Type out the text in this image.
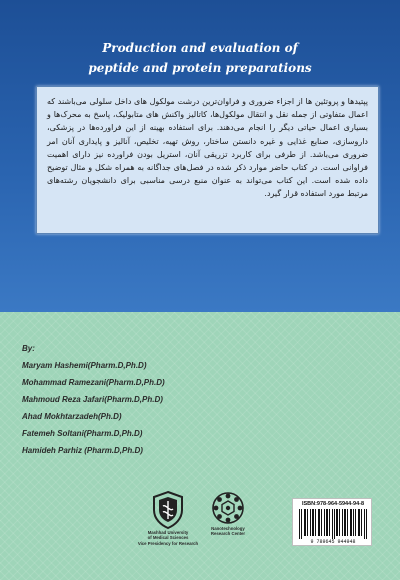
Production and evaluation of
peptide and protein preparations

پپتیدها و پروتئین ها از اجزاء ضروری و فراوان‌ترین درشت مولکول های داخل سلولی می‌باشند که اعمال متفاوتی از جمله نقل و انتقال مولکول‌ها، کاتالیز واکنش های متابولیک، پاسخ به محرک‌ها و بسیاری اعمال حیاتی دیگر را انجام می‌دهند. برای استفاده بهینه از این فراورده‌ها در پزشکی، داروسازی، صنایع غذایی و غیره دانستن ساختار، روش تهیه، تخلیص، آنالیز و پایداری آنان امر ضروری می‌باشد. از طرفی برای کاربرد تزریقی آنان، استریل بودن فراورده نیز دارای اهمیت فراوانی است. در کتاب حاضر موارد ذکر شده در فصل‌های جداگانه به همراه شکل و مثال توضیح داده شده است. این کتاب می‌تواند به عنوان منبع درسی مناسبی برای دانشجویان رشته‌های مرتبط مورد استفاده قرار گیرد.

By:
Maryam Hashemi(Pharm.D,Ph.D)
Mohammad Ramezani(Pharm.D,Ph.D)
Mahmoud Reza Jafari(Pharm.D,Ph.D)
Ahad Mokhtarzadeh(Ph.D)
Fatemeh Soltani(Pharm.D,Ph.D)
Hamideh Parhiz (Pharm.D,Ph.D)
Mashhad University
of Medical Sciences
Vice Presidency for Research
Nanotechnology
Research Center
ISBN:978-964-5944-94-8
9 789645 944948
